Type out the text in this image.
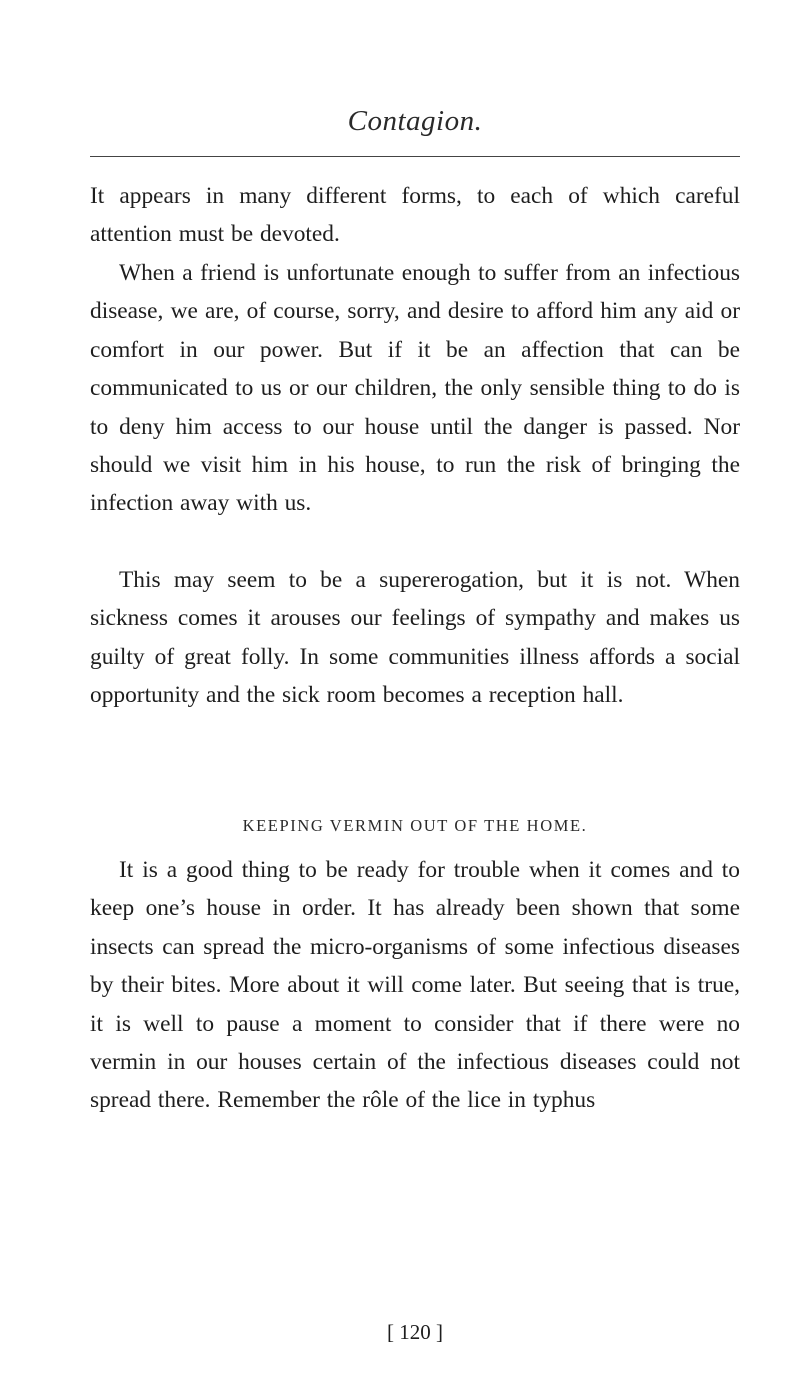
Contagion.

It appears in many different forms, to each of which careful attention must be devoted.

When a friend is unfortunate enough to suffer from an infectious disease, we are, of course, sorry, and desire to afford him any aid or comfort in our power. But if it be an affection that can be communicated to us or our children, the only sensible thing to do is to deny him access to our house until the danger is passed. Nor should we visit him in his house, to run the risk of bringing the infection away with us.

This may seem to be a supererogation, but it is not. When sickness comes it arouses our feelings of sympathy and makes us guilty of great folly. In some communities illness affords a social opportunity and the sick room becomes a reception hall.

KEEPING VERMIN OUT OF THE HOME.

It is a good thing to be ready for trouble when it comes and to keep one’s house in order. It has already been shown that some insects can spread the micro-organisms of some infectious diseases by their bites. More about it will come later. But seeing that is true, it is well to pause a moment to consider that if there were no vermin in our houses certain of the infectious diseases could not spread there. Remember the rôle of the lice in typhus

[ 120 ]
